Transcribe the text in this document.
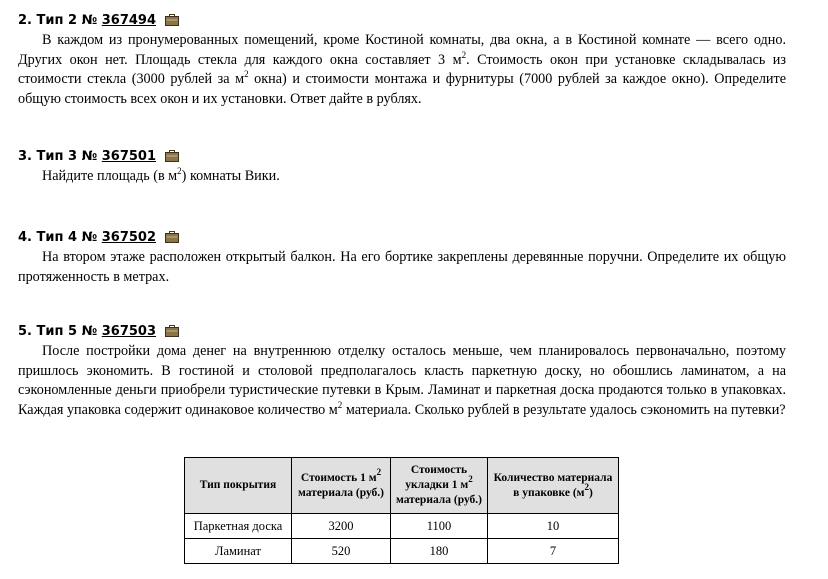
2. Тип 2 № 367494

В каждом из пронумерованных помещений, кроме Костиной комнаты, два окна, а в Костиной комнате — всего одно. Других окон нет. Площадь стекла для каждого окна составляет 3 $м^2$. Стоимость окон при установке складывалась из стоимости стекла (3000 рублей за $м^2$ окна) и стоимости монтажа и фурнитуры (7000 рублей за каждое окно). Определите общую стоимость всех окон и их установки. Ответ дайте в рублях.

3. Тип 3 № 367501

Найдите площадь (в $м^2$) комнаты Вики.

4. Тип 4 № 367502

На втором этаже расположен открытый балкон. На его бортике закреплены деревянные поручни. Определите их общую протяженность в метрах.

5. Тип 5 № 367503

После постройки дома денег на внутреннюю отделку осталось меньше, чем планировалось первоначально, поэтому пришлось экономить. В гостиной и столовой предполагалось класть паркетную доску, но обошлись ламинатом, а на сэкономленные деньги приобрели туристические путевки в Крым. Ламинат и паркетная доска продаются только в упаковках. Каждая упаковка содержит одинаковое количество $м^2$ материала. Сколько рублей в результате удалось сэкономить на путевки?

Тип покрытия	Стоимость 1 $м^2$ материала (руб.)	Стоимость укладки 1 $м^2$ материала (руб.)	Количество материала в упаковке $(м^2)$
Паркетная доска	3200	1100	10
Ламинат	520	180	7
